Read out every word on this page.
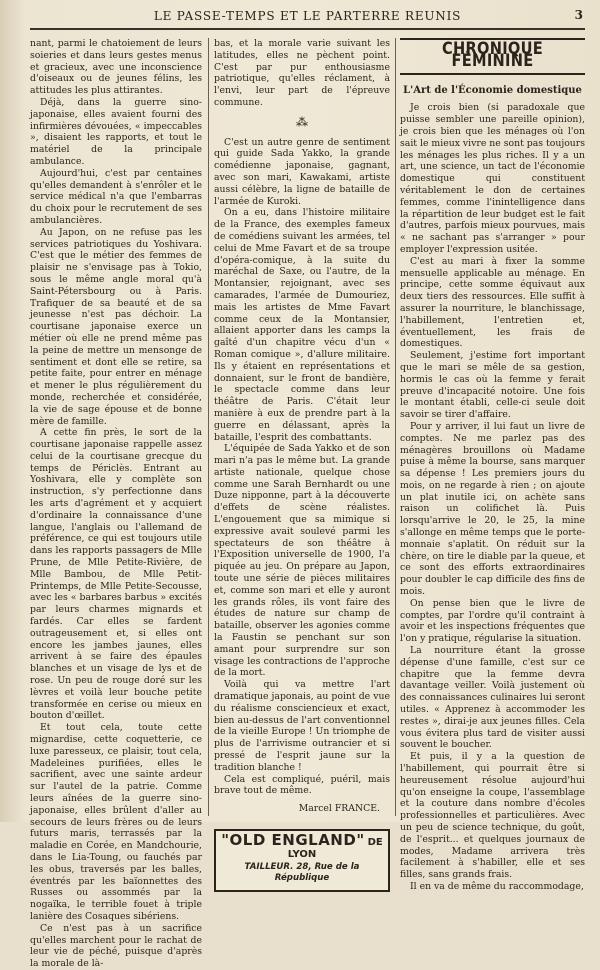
LE PASSE-TEMPS ET LE PARTERRE REUNIS	3

nant, parmi le chatoiement de leurs soieries et dans leurs gestes menus et gracieux, avec une inconscience d'oiseaux ou de jeunes félins, les attitudes les plus attirantes.

Déjà, dans la guerre sino-japonaise, elles avaient fourni des infirmières dévouées, « impeccables », disaient les rapports, et tout le matériel de la principale ambulance.

Aujourd'hui, c'est par centaines qu'elles demandent à s'enrôler et le service médical n'a que l'embarras du choix pour le recrutement de ses ambulancières.

Au Japon, on ne refuse pas les services patriotiques du Yoshivara. C'est que le métier des femmes de plaisir ne s'envisage pas à Tokio, sous le même angle moral qu'à Saint-Pétersbourg ou à Paris. Trafiquer de sa beauté et de sa jeunesse n'est pas déchoir. La courtisane japonaise exerce un métier où elle ne prend même pas la peine de mettre un mensonge de sentiment et dont elle se retire, sa petite faite, pour entrer en ménage et mener le plus régulièrement du monde, recherchée et considérée, la vie de sage épouse et de bonne mère de famille.

A cette fin près, le sort de la courtisane japonaise rappelle assez celui de la courtisane grecque du temps de Périclès. Entrant au Yoshivara, elle y complète son instruction, s'y perfectionne dans les arts d'agrément et y acquiert d'ordinaire la connaissance d'une langue, l'anglais ou l'allemand de préférence, ce qui est toujours utile dans les rapports passagers de Mlle Prune, de Mlle Petite-Rivière, de Mlle Bambou, de Mlle Petit-Printemps, de Mlle Petite-Secousse, avec les « barbares barbus » excités par leurs charmes mignards et fardés. Car elles se fardent outrageusement et, si elles ont encore les jambes jaunes, elles arrivent à se faire des épaules blanches et un visage de lys et de rose. Un peu de rouge doré sur les lèvres et voilà leur bouche petite transformée en cerise ou mieux en bouton d'œillet.

Et tout cela, toute cette mignardise, cette coquetterie, ce luxe paresseux, ce plaisir, tout cela, Madeleines purifiées, elles le sacrifient, avec une sainte ardeur sur l'autel de la patrie. Comme leurs aînées de la guerre sino-japonaise, elles brûlent d'aller au secours de leurs frères ou de leurs futurs maris, terrassés par la maladie en Corée, en Mandchourie, dans le Lia-Toung, ou fauchés par les obus, traversés par les balles, éventrés par les baïonnettes des Russes ou assommés par la nogaïka, le terrible fouet à triple lanière des Cosaques sibériens.

Ce n'est pas à un sacrifice qu'elles marchent pour le rachat de leur vie de péché, puisque d'après la morale de là-

bas, et la morale varie suivant les latitudes, elles ne pèchent point. C'est par pur enthousiasme patriotique, qu'elles réclament, à l'envi, leur part de l'épreuve commune.

⁂

C'est un autre genre de sentiment qui guide Sada Yakko, la grande comédienne japonaise, gagnant, avec son mari, Kawakami, artiste aussi célèbre, la ligne de bataille de l'armée de Kuroki.

On a eu, dans l'histoire militaire de la France, des exemples fameux de comédiens suivant les armées, tel celui de Mme Favart et de sa troupe d'opéra-comique, à la suite du maréchal de Saxe, ou l'autre, de la Montansier, rejoignant, avec ses camarades, l'armée de Dumouriez, mais les artistes de Mme Favart comme ceux de la Montansier, allaient apporter dans les camps la gaîté d'un chapitre vécu d'un « Roman comique », d'allure militaire. Ils y étaient en représentations et donnaient, sur le front de bandière, le spectacle comme dans leur théâtre de Paris. C'était leur manière à eux de prendre part à la guerre en délassant, après la bataille, l'esprit des combattants.

L'équipée de Sada Yakko et de son mari n'a pas le même but. La grande artiste nationale, quelque chose comme une Sarah Bernhardt ou une Duze nipponne, part à la découverte d'effets de scène réalistes. L'engouement que sa mimique si expressive avait soulevé parmi les spectateurs de son théâtre à l'Exposition universelle de 1900, l'a piquée au jeu. On prépare au Japon, toute une série de pièces militaires et, comme son mari et elle y auront les grands rôles, ils vont faire des études de nature sur champ de bataille, observer les agonies comme la Faustin se penchant sur son amant pour surprendre sur son visage les contractions de l'approche de la mort.

Voilà qui va mettre l'art dramatique japonais, au point de vue du réalisme consciencieux et exact, bien au-dessus de l'art conventionnel de la vieille Europe ! Un triomphe de plus de l'arrivisme outrancier et si pressé de l'esprit jaune sur la tradition blanche !

Cela est compliqué, puéril, mais brave tout de même.

Marcel FRANCE.
"OLD ENGLAND" DE LYON
TAILLEUR. 28, Rue de la République
CHRONIQUE FÉMININE
L'Art de l'Économie domestique

Je crois bien (si paradoxale que puisse sembler une pareille opinion), je crois bien que les ménages où l'on sait le mieux vivre ne sont pas toujours les ménages les plus riches. Il y a un art, une science, un tact de l'économie domestique qui constituent véritablement le don de certaines femmes, comme l'inintelligence dans la répartition de leur budget est le fait d'autres, parfois mieux pourvues, mais « ne sachant pas s'arranger » pour employer l'expression usitée.

C'est au mari à fixer la somme mensuelle applicable au ménage. En principe, cette somme équivaut aux deux tiers des ressources. Elle suffit à assurer la nourriture, le blanchissage, l'habillement, l'entretien et, éventuellement, les frais de domestiques.

Seulement, j'estime fort important que le mari se mêle de sa gestion, hormis le cas où la femme y ferait preuve d'incapacité notoire. Une fois le montant établi, celle-ci seule doit savoir se tirer d'affaire.

Pour y arriver, il lui faut un livre de comptes. Ne me parlez pas des ménagères brouillons où Madame puise à même la bourse, sans marquer sa dépense ! Les premiers jours du mois, on ne regarde à rien ; on ajoute un plat inutile ici, on achète sans raison un colifichet là. Puis lorsqu'arrive le 20, le 25, la mine s'allonge en même temps que le porte-monnaie s'aplatit. On réduit sur la chère, on tire le diable par la queue, et ce sont des efforts extraordinaires pour doubler le cap difficile des fins de mois.

On pense bien que le livre de comptes, par l'ordre qu'il contraint à avoir et les inspections fréquentes que l'on y pratique, régularise la situation.

La nourriture étant la grosse dépense d'une famille, c'est sur ce chapitre que la femme devra davantage veiller. Voilà justement où des connaissances culinaires lui seront utiles. « Apprenez à accommoder les restes », dirai-je aux jeunes filles. Cela vous évitera plus tard de visiter aussi souvent le boucher.

Et puis, il y a la question de l'habillement, qui pourrait être si heureusement résolue aujourd'hui qu'on enseigne la coupe, l'assemblage et la couture dans nombre d'écoles professionnelles et particulières. Avec un peu de science technique, du goût, de l'esprit... et quelques journaux de modes, Madame arrivera très facilement à s'habiller, elle et ses filles, sans grands frais.

Il en va de même du raccommodage,
